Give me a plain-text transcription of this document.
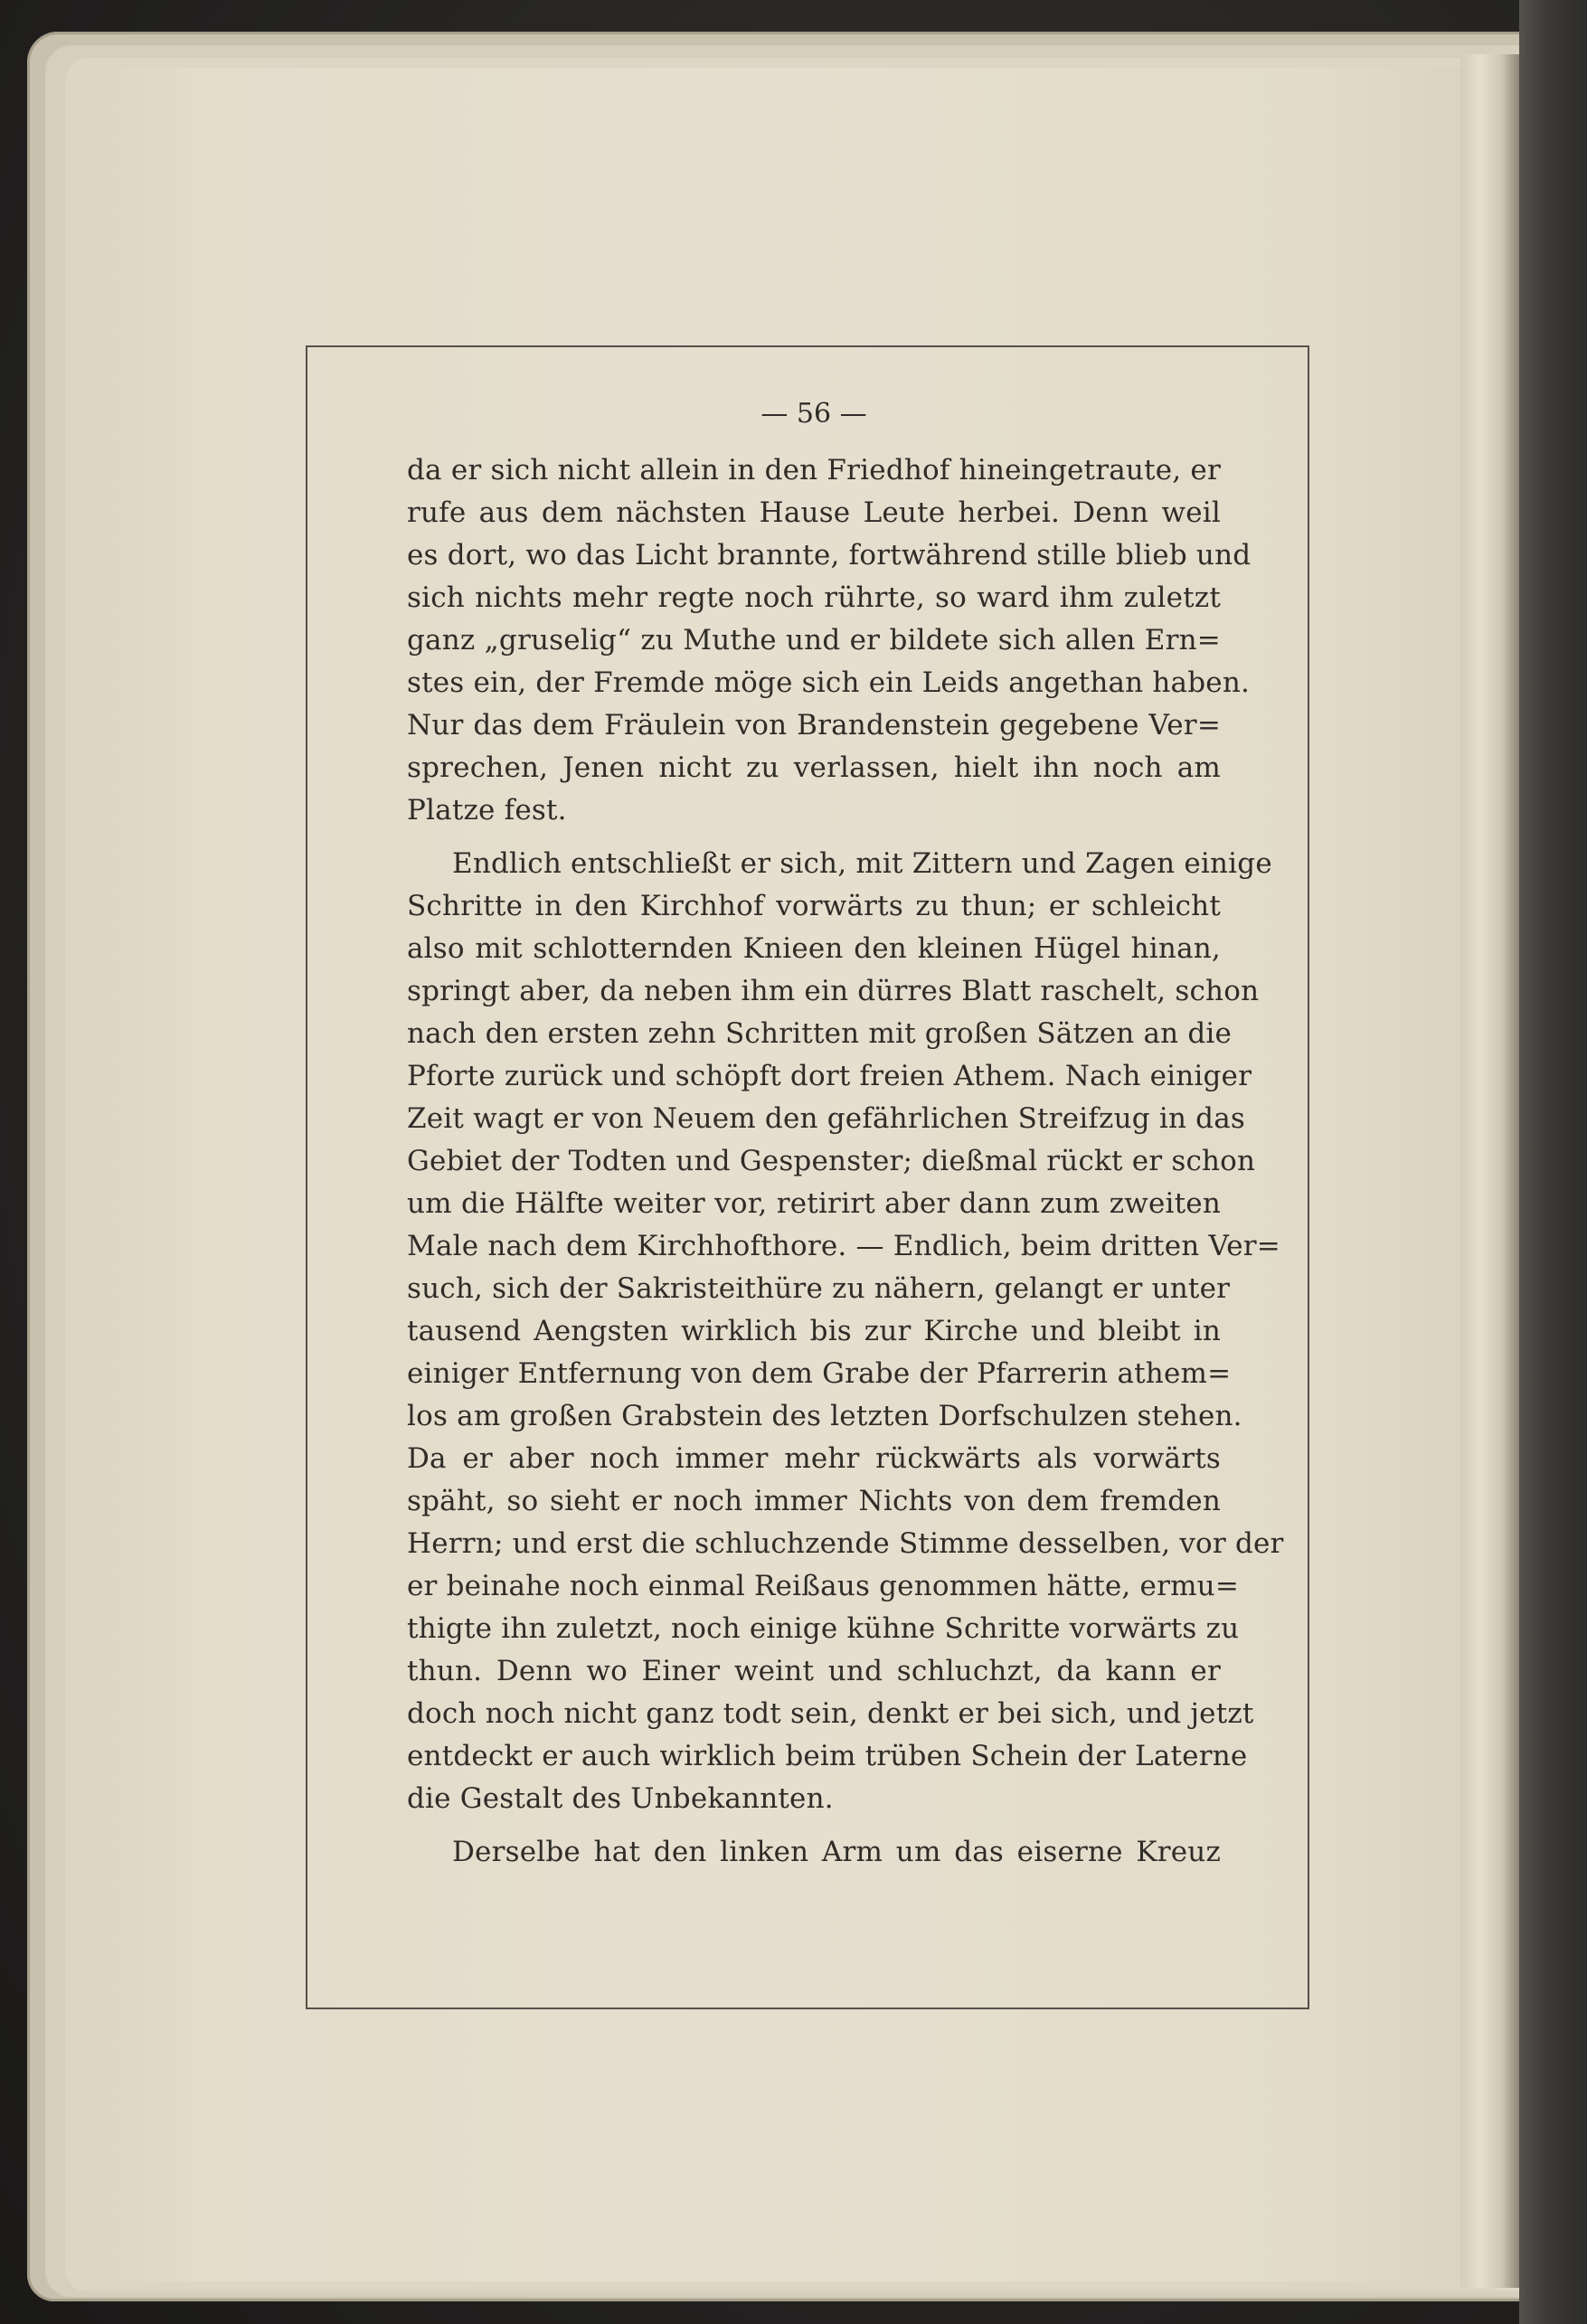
— 56 —
da er sich nicht allein in den Friedhof hineingetraute, er
rufe aus dem nächsten Hause Leute herbei. Denn weil
es dort, wo das Licht brannte, fortwährend stille blieb und
sich nichts mehr regte noch rührte, so ward ihm zuletzt
ganz „gruselig“ zu Muthe und er bildete sich allen Ern=
stes ein, der Fremde möge sich ein Leids angethan haben.
Nur das dem Fräulein von Brandenstein gegebene Ver=
sprechen, Jenen nicht zu verlassen, hielt ihn noch am
Platze fest.
Endlich entschließt er sich, mit Zittern und Zagen einige
Schritte in den Kirchhof vorwärts zu thun; er schleicht
also mit schlotternden Knieen den kleinen Hügel hinan,
springt aber, da neben ihm ein dürres Blatt raschelt, schon
nach den ersten zehn Schritten mit großen Sätzen an die
Pforte zurück und schöpft dort freien Athem. Nach einiger
Zeit wagt er von Neuem den gefährlichen Streifzug in das
Gebiet der Todten und Gespenster; dießmal rückt er schon
um die Hälfte weiter vor, retirirt aber dann zum zweiten
Male nach dem Kirchhofthore. — Endlich, beim dritten Ver=
such, sich der Sakristeithüre zu nähern, gelangt er unter
tausend Aengsten wirklich bis zur Kirche und bleibt in
einiger Entfernung von dem Grabe der Pfarrerin athem=
los am großen Grabstein des letzten Dorfschulzen stehen.
Da er aber noch immer mehr rückwärts als vorwärts
späht, so sieht er noch immer Nichts von dem fremden
Herrn; und erst die schluchzende Stimme desselben, vor der
er beinahe noch einmal Reißaus genommen hätte, ermu=
thigte ihn zuletzt, noch einige kühne Schritte vorwärts zu
thun. Denn wo Einer weint und schluchzt, da kann er
doch noch nicht ganz todt sein, denkt er bei sich, und jetzt
entdeckt er auch wirklich beim trüben Schein der Laterne
die Gestalt des Unbekannten.
Derselbe hat den linken Arm um das eiserne Kreuz
